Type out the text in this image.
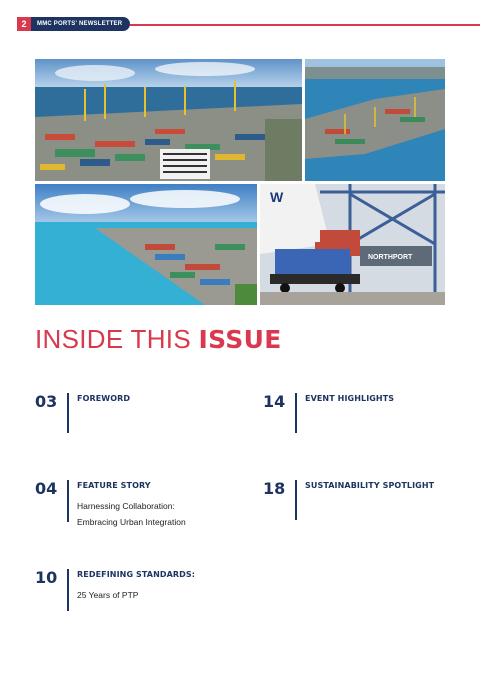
2	MMC PORTS' NEWSLETTER
W
NORTHPORT
INSIDE THIS ISSUE
03	FOREWORD	14	EVENT HIGHLIGHTS
04	FEATURE STORY
Harnessing Collaboration:
Embracing Urban Integration
18	SUSTAINABILITY SPOTLIGHT
10	REDEFINING STANDARDS:
25 Years of PTP
